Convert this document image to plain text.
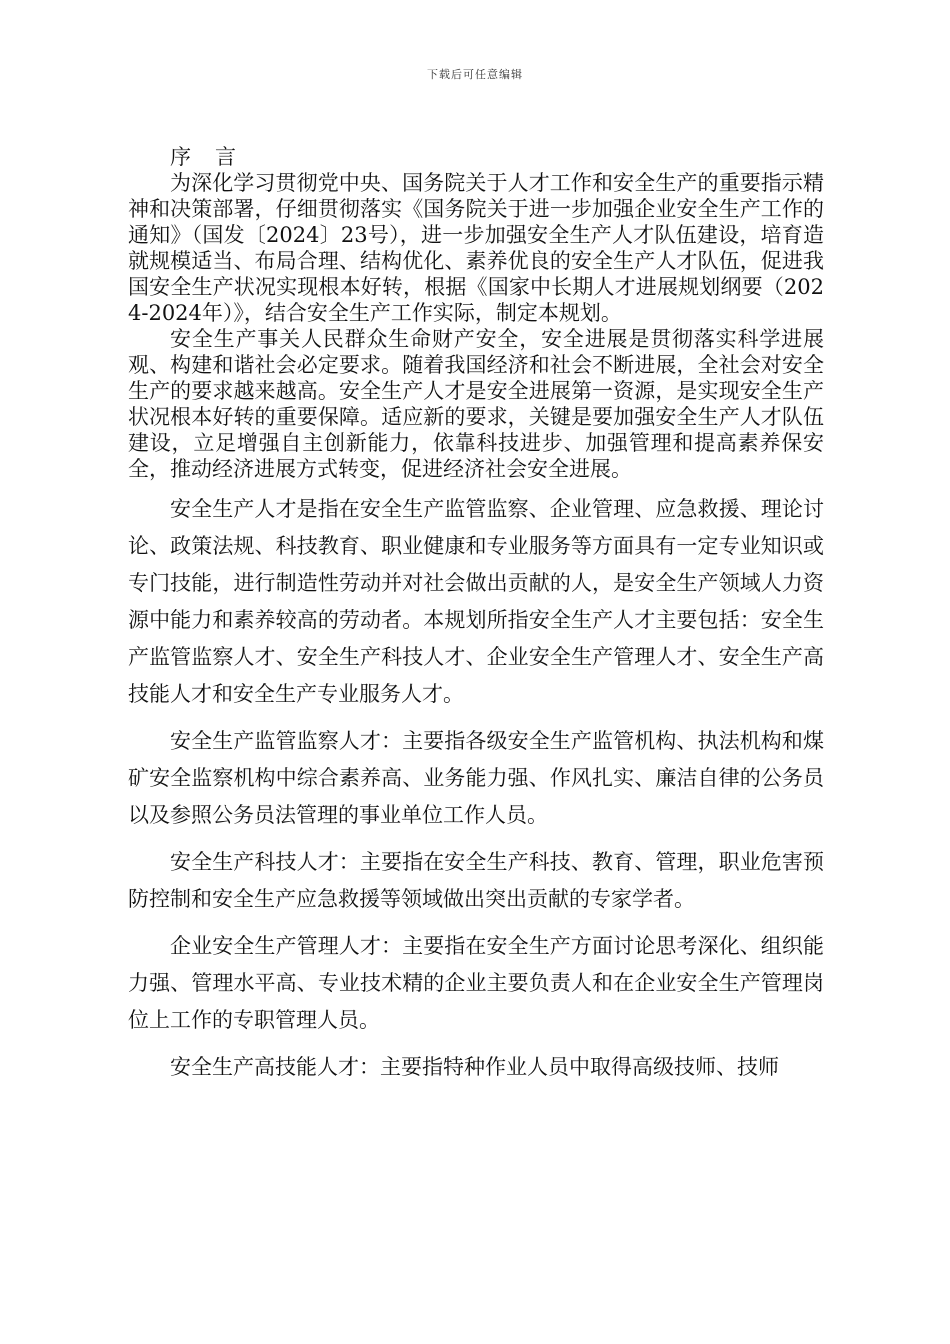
下载后可任意编辑
序 言

为深化学习贯彻党中央、国务院关于人才工作和安全生产的重要指示精神和决策部署，仔细贯彻落实《国务院关于进一步加强企业安全生产工作的通知》（国发〔2024〕23号），进一步加强安全生产人才队伍建设，培育造就规模适当、布局合理、结构优化、素养优良的安全生产人才队伍，促进我国安全生产状况实现根本好转，根据《国家中长期人才进展规划纲要（2024-2024年）》，结合安全生产工作实际，制定本规划。

安全生产事关人民群众生命财产安全，安全进展是贯彻落实科学进展观、构建和谐社会必定要求。随着我国经济和社会不断进展，全社会对安全生产的要求越来越高。安全生产人才是安全进展第一资源，是实现安全生产状况根本好转的重要保障。适应新的要求，关键是要加强安全生产人才队伍建设，立足增强自主创新能力，依靠科技进步、加强管理和提高素养保安全，推动经济进展方式转变，促进经济社会安全进展。

安全生产人才是指在安全生产监管监察、企业管理、应急救援、理论讨论、政策法规、科技教育、职业健康和专业服务等方面具有一定专业知识或专门技能，进行制造性劳动并对社会做出贡献的人，是安全生产领域人力资源中能力和素养较高的劳动者。本规划所指安全生产人才主要包括：安全生产监管监察人才、安全生产科技人才、企业安全生产管理人才、安全生产高技能人才和安全生产专业服务人才。

安全生产监管监察人才：主要指各级安全生产监管机构、执法机构和煤矿安全监察机构中综合素养高、业务能力强、作风扎实、廉洁自律的公务员以及参照公务员法管理的事业单位工作人员。

安全生产科技人才：主要指在安全生产科技、教育、管理，职业危害预防控制和安全生产应急救援等领域做出突出贡献的专家学者。

企业安全生产管理人才：主要指在安全生产方面讨论思考深化、组织能力强、管理水平高、专业技术精的企业主要负责人和在企业安全生产管理岗位上工作的专职管理人员。

安全生产高技能人才：主要指特种作业人员中取得高级技师、技师
